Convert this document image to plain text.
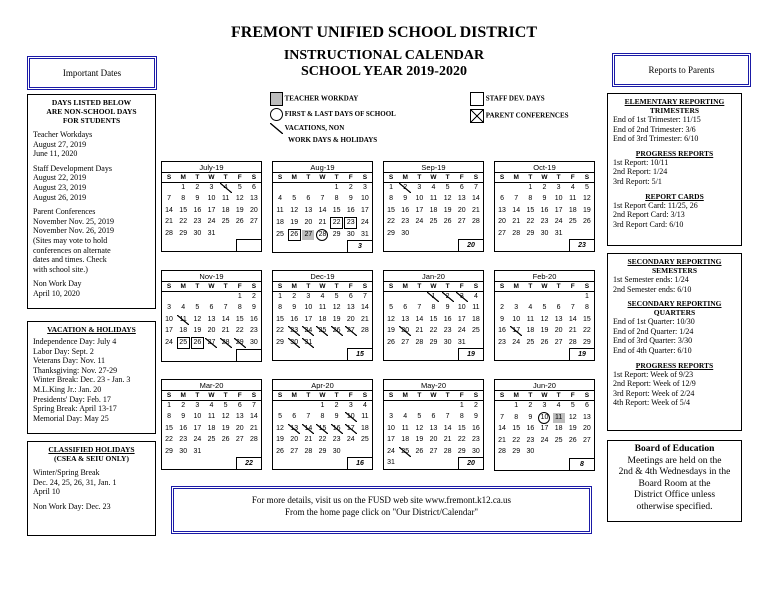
FREMONT UNIFIED SCHOOL DISTRICT
INSTRUCTIONAL CALENDAR
SCHOOL YEAR 2019-2020
Important Dates	Reports to Parents
TEACHER WORKDAY
FIRST & LAST DAYS OF SCHOOL
VACATIONS, NON
WORK DAYS & HOLIDAYS
STAFF DEV. DAYS
PARENT CONFERENCES
DAYS LISTED BELOW
ARE NON-SCHOOL DAYS
FOR STUDENTS
Teacher Workdays
August 27, 2019
June 11, 2020
Staff Development Days
August 22, 2019
August 23, 2019
August 26, 2019
Parent Conferences
November Nov. 25, 2019
November Nov. 26, 2019
(Sites may vote to hold
conferences on alternate
dates and times. Check
with school site.)
Non Work Day
April 10, 2020
VACATION & HOLIDAYS
Independence Day: July 4
Labor Day: Sept. 2
Veterans Day: Nov. 11
Thanksgiving: Nov. 27-29
Winter Break: Dec. 23 - Jan. 3
M.L.King Jr.: Jan. 20
Presidents' Day: Feb. 17
Spring Break: April 13-17
Memorial Day: May 25
CLASSIFIED HOLIDAYS
(CSEA & SEIU ONLY)
Winter/Spring Break
Dec. 24, 25, 26, 31, Jan. 1
April 10
Non Work Day: Dec. 23
ELEMENTARY REPORTING
TRIMESTERS
End of 1st Trimester: 11/15
End of 2nd Trimester: 3/6
End of 3rd Trimester: 6/10
PROGRESS REPORTS
1st Report: 10/11
2nd Report: 1/24
3rd Report: 5/1
REPORT CARDS
1st Report Card: 11/25, 26
2nd Report Card: 3/13
3rd Report Card: 6/10
SECONDARY REPORTING
SEMESTERS
1st Semester ends: 1/24
2nd Semester ends: 6/10
SECONDARY REPORTING
QUARTERS
End of 1st Quarter: 10/30
End of 2nd Quarter: 1/24
End of 3rd Quarter: 3/30
End of 4th Quarter: 6/10
PROGRESS REPORTS
1st Report: Week of 9/23
2nd Report: Week of 12/9
3rd Report: Week of 2/24
4th Report: Week of 5/4
Board of Education
Meetings are held on the
2nd & 4th Wednesdays in the
Board Room at the
District Office unless
otherwise specified.
July-19
S	M	T	W	T	F	S
	1	2	3	4	5	6
7	8	9	10	11	12	13
14	15	16	17	18	19	20
21	22	23	24	25	26	27
28	29	30	31			

Aug-19
S	M	T	W	T	F	S
				1	2	3
4	5	6	7	8	9	10
11	12	13	14	15	16	17
18	19	20	21	22	23	24
25	26	27	28	29	30	31

3
Sep-19
S	M	T	W	T	F	S
1	2	3	4	5	6	7
8	9	10	11	12	13	14
15	16	17	18	19	20	21
22	23	24	25	26	27	28
29	30					

20
Oct-19
S	M	T	W	T	F	S
		1	2	3	4	5
6	7	8	9	10	11	12
13	14	15	16	17	18	19
20	21	22	23	24	25	26
27	28	29	30	31		

23
Nov-19
S	M	T	W	T	F	S
					1	2
3	4	5	6	7	8	9
10	11	12	13	14	15	16
17	18	19	20	21	22	23
24	25	26	27	28	29	30

Dec-19
S	M	T	W	T	F	S
1	2	3	4	5	6	7
8	9	10	11	12	13	14
15	16	17	18	19	20	21
22	23	24	25	26	27	28
29	30	31				

15
Jan-20
S	M	T	W	T	F	S
			1	2	3	4
5	6	7	8	9	10	11
12	13	14	15	16	17	18
19	20	21	22	23	24	25
26	27	28	29	30	31	

19
Feb-20
S	M	T	W	T	F	S
						1
2	3	4	5	6	7	8
9	10	11	12	13	14	15
16	17	18	19	20	21	22
23	24	25	26	27	28	29

19
Mar-20
S	M	T	W	T	F	S
1	2	3	4	5	6	7
8	9	10	11	12	13	14
15	16	17	18	19	20	21
22	23	24	25	26	27	28
29	30	31				

22
Apr-20
S	M	T	W	T	F	S
			1	2	3	4
5	6	7	8	9	10	11
12	13	14	15	16	17	18
19	20	21	22	23	24	25
26	27	28	29	30		

16
May-20
S	M	T	W	T	F	S
					1	2
3	4	5	6	7	8	9
10	11	12	13	14	15	16
17	18	19	20	21	22	23
24	25	26	27	28	29	30
31							20
Jun-20
S	M	T	W	T	F	S
	1	2	3	4	5	6
7	8	9	10	11	12	13
14	15	16	17	18	19	20
21	22	23	24	25	26	27
28	29	30				

8
For more details, visit us on the FUSD web site www.fremont.k12.ca.us
From the home page click on "Our District/Calendar"
